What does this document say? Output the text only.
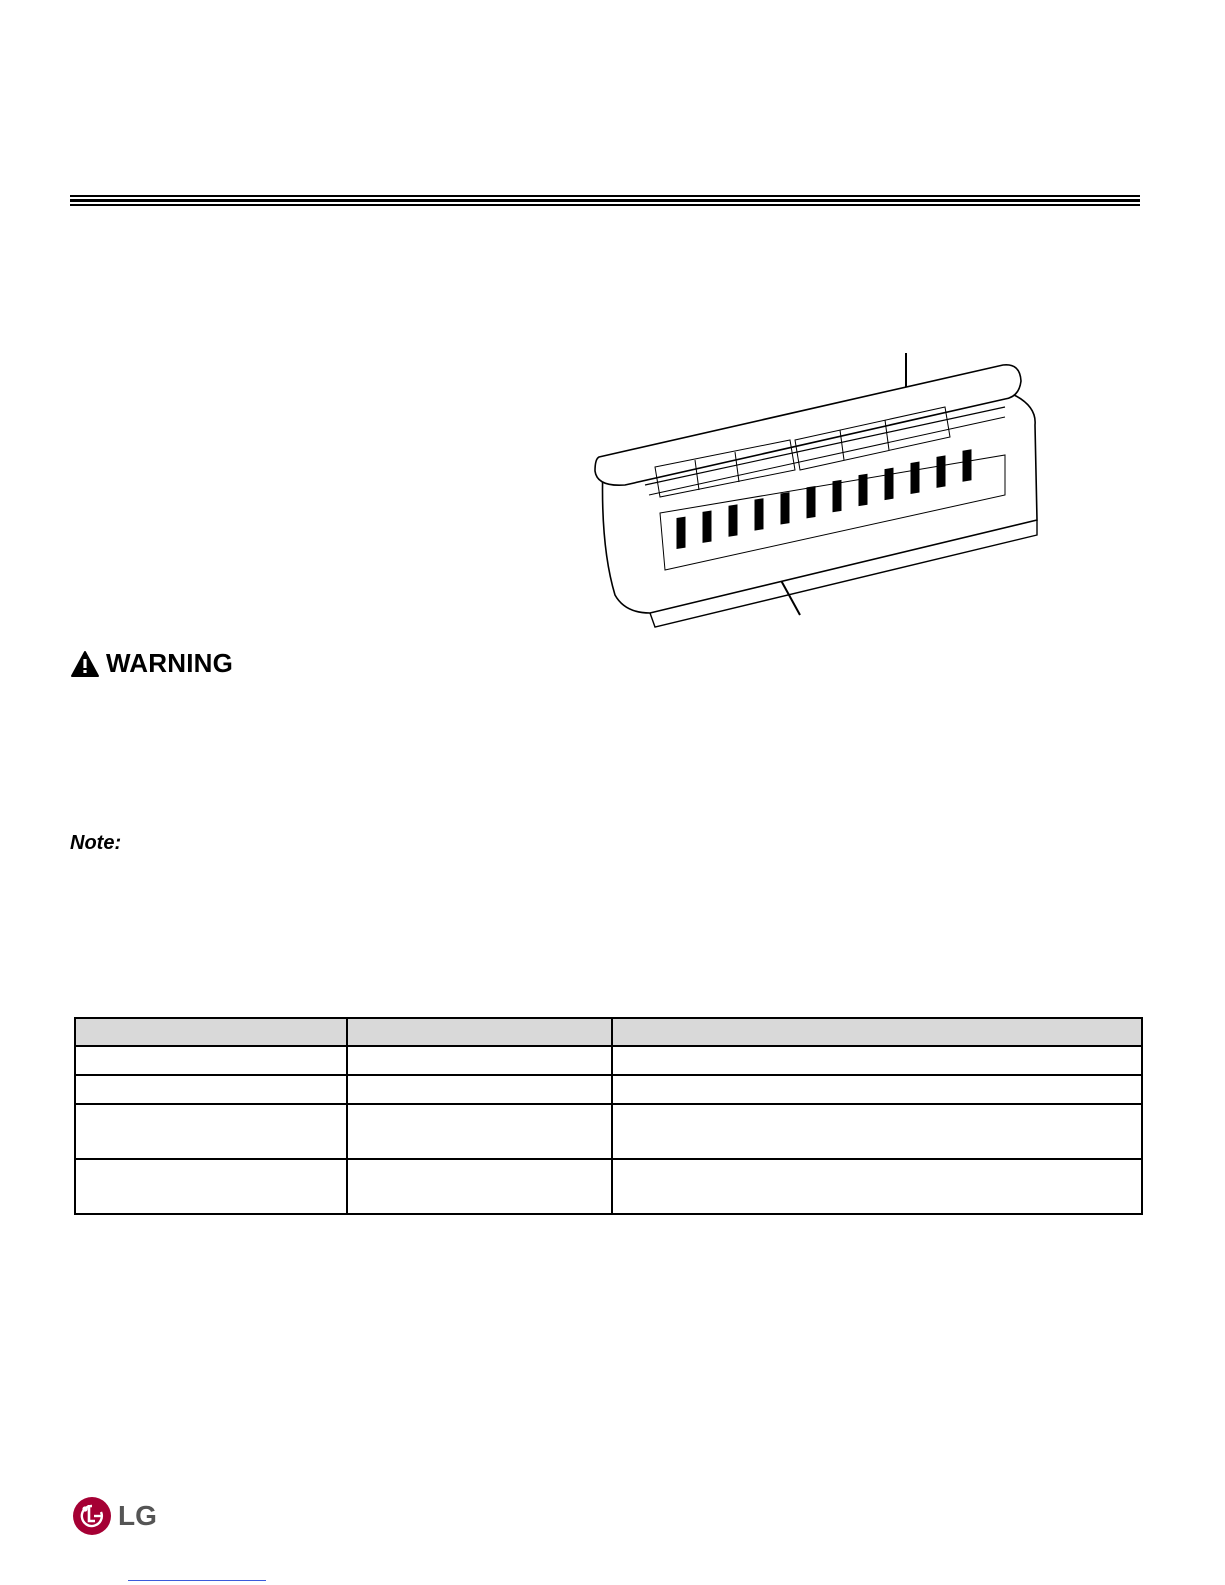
WARNING
Note:

LG
